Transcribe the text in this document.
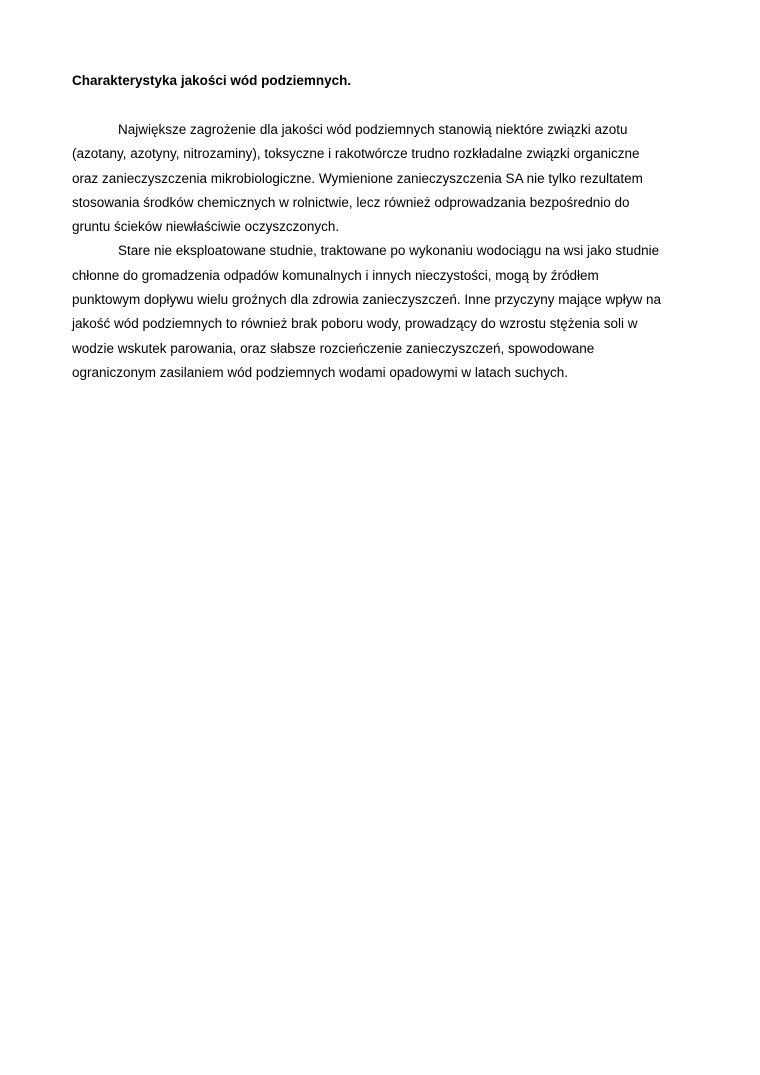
Charakterystyka jakości wód podziemnych.

Największe zagrożenie dla jakości wód podziemnych stanowią niektóre związki azotu

(azotany, azotyny, nitrozaminy), toksyczne i rakotwórcze trudno rozkładalne związki organiczne

oraz zanieczyszczenia mikrobiologiczne. Wymienione zanieczyszczenia SA nie tylko rezultatem

stosowania środków chemicznych w rolnictwie, lecz również odprowadzania bezpośrednio do

gruntu ścieków niewłaściwie oczyszczonych.

Stare nie eksploatowane studnie, traktowane po wykonaniu wodociągu na wsi jako studnie

chłonne do gromadzenia odpadów komunalnych i innych nieczystości, mogą by źródłem

punktowym dopływu wielu groźnych dla zdrowia zanieczyszczeń. Inne przyczyny mające wpływ na

jakość wód podziemnych to również brak poboru wody, prowadzący do wzrostu stężenia soli w

wodzie wskutek parowania, oraz słabsze rozcieńczenie zanieczyszczeń, spowodowane

ograniczonym zasilaniem wód podziemnych wodami opadowymi w latach suchych.
